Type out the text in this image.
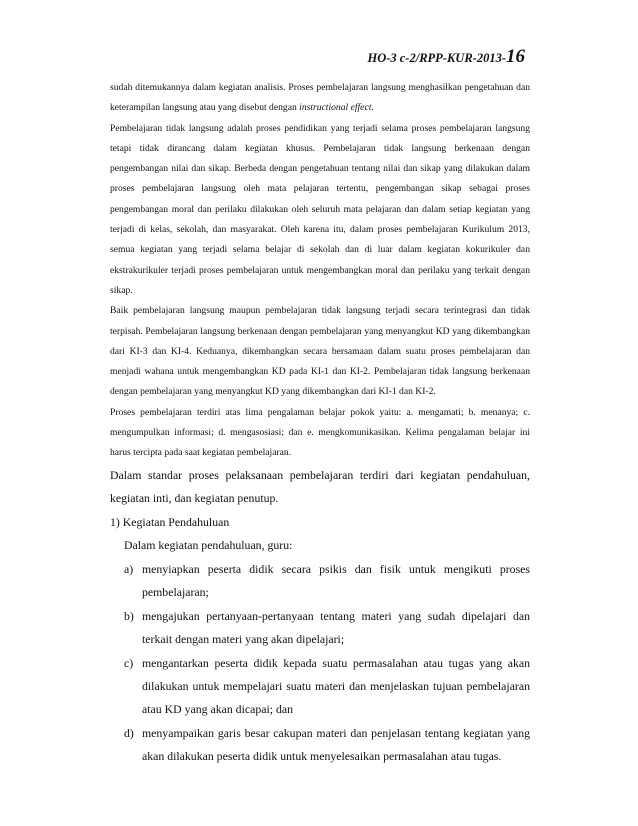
HO-3 c-2/RPP-KUR-2013-16

sudah ditemukannya dalam kegiatan analisis. Proses pembelajaran langsung menghasilkan pengetahuan dan keterampilan langsung atau yang disebut dengan instructional effect.

Pembelajaran tidak langsung adalah proses pendidikan yang terjadi selama proses pembelajaran langsung tetapi tidak dirancang dalam kegiatan khusus. Pembelajaran tidak langsung berkenaan dengan pengembangan nilai dan sikap. Berbeda dengan pengetahuan tentang nilai dan sikap yang dilakukan dalam proses pembelajaran langsung oleh mata pelajaran tertentu, pengembangan sikap sebagai proses pengembangan moral dan perilaku dilakukan oleh seluruh mata pelajaran dan dalam setiap kegiatan yang terjadi di kelas, sekolah, dan masyarakat. Oleh karena itu, dalam proses pembelajaran Kurikulum 2013, semua kegiatan yang terjadi selama belajar di sekolah dan di luar dalam kegiatan kokurikuler dan ekstrakurikuler terjadi proses pembelajaran untuk mengembangkan moral dan perilaku yang terkait dengan sikap.

Baik pembelajaran langsung maupun pembelajaran tidak langsung terjadi secara terintegrasi dan tidak terpisah. Pembelajaran langsung berkenaan dengan pembelajaran yang menyangkut KD yang dikembangkan dari KI-3 dan KI-4. Keduanya, dikembangkan secara bersamaan dalam suatu proses pembelajaran dan menjadi wahana untuk mengembangkan KD pada KI-1 dan KI-2. Pembelajaran tidak langsung berkenaan dengan pembelajaran yang menyangkut KD yang dikembangkan dari KI-1 dan KI-2.

Proses pembelajaran terdiri atas lima pengalaman belajar pokok yaitu: a. mengamati; b. menanya; c. mengumpulkan informasi; d. mengasosiasi; dan e. mengkomunikasikan. Kelima pengalaman belajar ini harus tercipta pada saat kegiatan pembelajaran.

Dalam standar proses pelaksanaan pembelajaran terdiri dari kegiatan pendahuluan, kegiatan inti, dan kegiatan penutup.

1) Kegiatan Pendahuluan
Dalam kegiatan pendahuluan, guru:
a) menyiapkan peserta didik secara psikis dan fisik untuk mengikuti proses pembelajaran;
b) mengajukan pertanyaan-pertanyaan tentang materi yang sudah dipelajari dan terkait dengan materi yang akan dipelajari;
c) mengantarkan peserta didik kepada suatu permasalahan atau tugas yang akan dilakukan untuk mempelajari suatu materi dan menjelaskan tujuan pembelajaran atau KD yang akan dicapai; dan
d) menyampaikan garis besar cakupan materi dan penjelasan tentang kegiatan yang akan dilakukan peserta didik untuk menyelesaikan permasalahan atau tugas.
